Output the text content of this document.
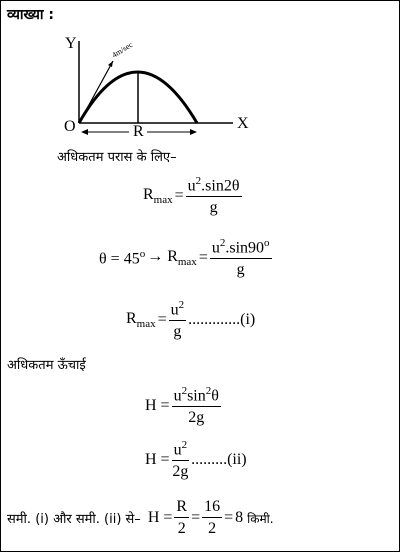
व्याख्या :
R
Y
O	X
4m/sec
अधिकतम परास के लिए–
$R_{max} = \frac{u^2.\sin 2\theta}{g}$
$\theta = 45^o \to R_{max} = \frac{u^2.\sin 90^o}{g}$
$R_{max} = \frac{u^2}{g} .............(i)$
अधिकतम ऊँचाई
$H = \frac{u^2\sin^2\theta}{2g}$
$H = \frac{u^2}{2g} .........(ii)$
समी. (i) और समी. (ii) से– $H = \frac{R}{2} = \frac{16}{2} = 8$ किमी.
